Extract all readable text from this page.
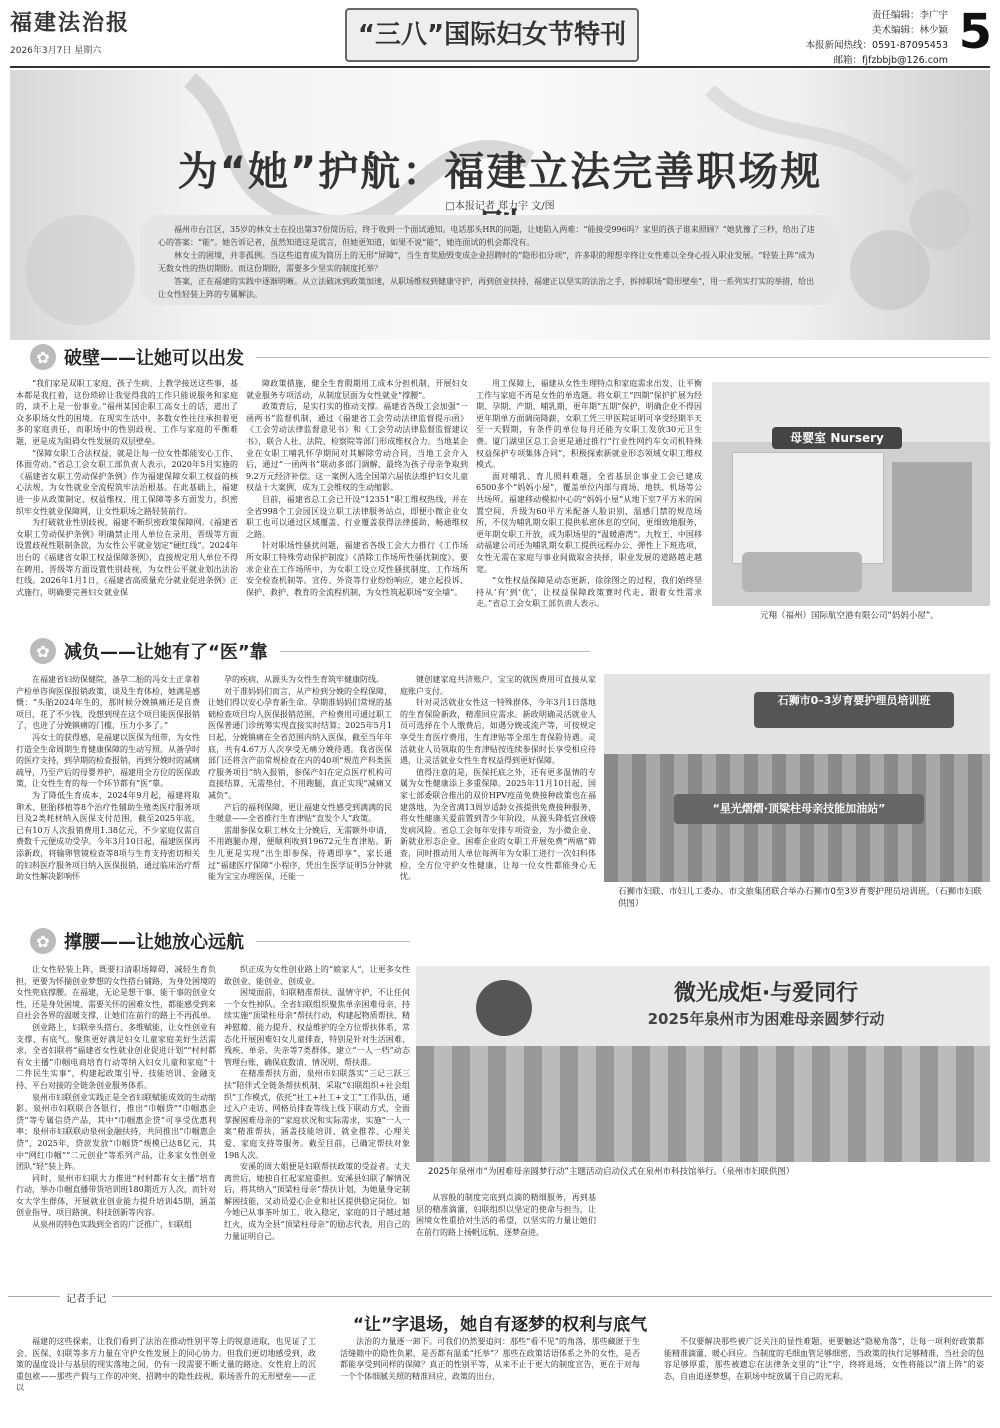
福建法治报
2026年3月7日 星期六
“三八”国际妇女节特刊
责任编辑：李广宇
美术编辑：林少颖
本报新闻热线：0591-87095453
邮箱：fjfzbbjb@126.com
5
为“她”护航：福建立法完善职场规
□本报记者 郑力宇 文/图

福州市台江区，35岁的林女士在投出第37份简历后，终于收到一个面试通知。电话那头HR的问题，让她陷入两难：“能接受996吗？家里的孩子谁来照顾？”她犹豫了三秒，给出了违心的答案：“能”。她告诉记者，虽然知道这是谎言，但她更知道，如果不说“能”，她连面试的机会都没有。

林女士的困境，并非孤例。当这些追育成为简历上的无形“屏障”，当生育奖励毁变成企业招聘时的“隐形扣分项”，许多职的理想辛终让女性难以全身心投入职业发展。“轻装上阵”成为无数女性的热切期盼。而这份期盼，需要多少坚实的制度托举？

答案，正在福建的实践中逐渐明晰。从立法破冰到政策加速，从职场维权到健康守护，再到创业扶持，福建正以坚实的法治之手，拆掉职场“隐形壁垒”，用一系列实打实的举措，给出让女性轻装上阵的专属解法。

✿ 破壁——让她可以出发

“我们家是双职工家庭，孩子生病、上教学接送这些事，基本都是我扛着，这份琐碎让我觉得我的工作只能说服务和家庭的，谈不上是一份事业。”福州某国企职工高女士的话，道出了众多职场女性的困境。在现实生活中，多数女性往往承担着更多的家庭责任，而职场中的性别歧视、工作与家庭的平衡难题，更是成为阻碍女性发展的双层壁垒。

“保障女职工合法权益，就是让每一位女性都能安心工作、体面劳动。”省总工会女职工部负责人表示，2020年5月实施的《福建省女职工劳动保护条例》作为福建保障女职工权益的核心法规，为女性就业全流程筑牢法治根基。在此基础上，福建进一步从政策制定、权益维权、用工保障等多方面发力，织密织牢女性就业保障网，让女性职场之路轻装前行。

为打破就业性别歧视，福建不断织密政策保障网。《福建省女职工劳动保护条例》明确禁止用人单位在录用、晋级等方面设置歧视性限制条款，为女性公平就业划定“硬红线”。2024年出台的《福建省女职工权益保障条例》，直接规定用人单位不得在聘用、晋级等方面设置性别歧视，为女性公平就业划出法治红线。2026年1月1日，《福建省高质量充分就业促进条例》正式施行，明确要完善妇女就业保

障政策措施，健全生育假期用工成本分担机制，开展妇女就业服务专项活动，从制度层面为女性就业“撑腰”。

政策背后，是实打实的推动支撑。福建省各级工会加强“一函两书”监督机制，通过《福建省工会劳动法律监督提示函》《工会劳动法律监督意见书》和《工会劳动法律监督监督建议书》，联合人社、法院、检察院等部门形成维权合力。当地某企业在女职工哺乳怀孕期间对其解除劳动合同，当地工会介入后，通过“一函两书”联动多部门调解，最终为孩子母亲争取到9.2万元经济补偿。这一案例入选全国第六届依法维护妇女儿童权益十大案例，成为工会维权的生动缩影。

目前，福建省总工会已开设“12351”职工维权热线，并在全省998个工会园区设立职工法律服务站点，即便小微企业女职工也可以通过区域覆盖、行业覆盖获得法律援助，畅通维权之路。

针对职场性骚扰问题，福建省各级工会大力推行《工作场所女职工特殊劳动保护制度》《消除工作场所性骚扰制度》，要求企业在工作场所中，为女职工设立反性骚扰制度、工作场所安全检查机制等。宣传、外资等行业纷纷响应，建立起投诉、保护、救护、教育的全流程机制，为女性筑起职场“安全墙”。

用工保障上，福建从女性生理特点和家庭需求出发，让平衡工作与家庭不再是女性的单选题。将女职工“四期”保护扩展为经期、孕期、产期、哺乳期，更年期“五期”保护，明确企业不得因更年期单方面调岗降薪，女职工凭三甲医院证明可享受经期半天至一天假期，有条件的单位每月还能为女职工发放30元卫生费。厦门湖里区总工会更是通过推行“行业性网约车女司机特殊权益保护专项集体合同”，积极探索新就业形态领域女职工维权模式。

面对哺乳、育儿照料难题，全省基层企事业工会已建成6500多个“妈妈小屋”，覆盖单位内部与商场、地铁、机场等公共场所。福建移动模拟中心的“妈妈小屋”从地下室7平方米的闲置空间，升级为60平方米配备人脸识别、温感门禁的规范场所，不仅为哺乳期女职工提供私密休息的空间，更细致地服务，更年期女职工开放，成为职场里的“温暖港湾”。九牧王、中国移动福建公司还为哺乳期女职工提供远程办公、弹性上下班选项，女性无需在家庭与事业间做取舍抉择，职业发展的道路越走越宽。

“女性权益保障是动态更新、徐徐图之的过程，我们始终坚持从‘有’到‘优’，让权益保障政策赛时代走、跟着女性需求走。”省总工会女职工部负责人表示。

母婴室 Nursery
元翔（福州）国际航空港有限公司“妈妈小屋”。
✿ 减负——让她有了“医”靠

在福建省妇幼保健院，备孕二胎的冯女士正拿着产检单咨询医保报销政策，谈及生育体检，她满是感慨：“头胎2024年生的，那时候分娩镇痛还是自费项目，花了不少钱，没想到现在这个项目能医保报销了，也进了分娩镇痛的门槛，压力小多了。”

冯女士的获得感，是福建以医保为纽带，为女性打造全生命周期生育健康保障的生动写照。从备孕时的医疗支持，到孕期的检查报销，再到分娩时的减痛疏导，乃至产后的母婴养护，福建用全方位的医保政策，让女性生育的每一个环节都有“医”靠。

为了降低生育成本，2024年9月起，福建将取卵术、胚胎移植等8个治疗性辅助生殖类医疗服务项目及2类耗材纳入医保支付范围，截至2025年底，已有10万人次报销费用1.38亿元，不少家庭仅需自费数千元便成功受孕。今年3月10日起，福建医保再添新政，将输卵管镜检查等8项与生育支持密切相关的妇科医疗服务项目纳入医保报销，通过临床治疗帮助女性解决影响怀

孕的疾病，从源头为女性生育筑牢健康防线。

对于准妈妈们而言，从产检到分娩的全程保障，让她们得以安心孕育新生命。孕期准妈妈们常规的基础检查项目均人医保报销范围，产检费用可通过职工医保普通门诊统筹实现直接实时结算；2025年5月1日起，分娩镇痛在全省范围内纳入医保，截至当年年底，共有4.67万人次享受无痛分娩待遇。我省医保部门还将含产前常规检查在内的40项“规范产科类医疗服务项目”纳入报销，参保产妇在定点医疗机构可直接结算，无需垫付，不用跑腿，真正实现“减痛又减负”。

产后的福利保障，更让福建女性感受到满满的民生暖意——全省推行生育津贴“直发个人”政策。

雷甜参保女职工林女士分娩后，无需额外申请，不用跑腿办理，便顺利收到19672元生育津贴。新生儿更是实现“出生即参保，待遇即享”，家长通过“福建医疗保障”小程序，凭出生医学证明5分钟就能为宝宝办理医保，还能一

键创建家庭共济账户，宝宝的就医费用可直接从家庭账户支付。

针对灵活就业女性这一特殊群体，今年3月1日落地的生育保险新政，精准回应需求。新政明确灵活就业人员可选择在个人缴费后，如遇分娩或流产等，可按规定享受生育医疗费用，生育津贴等全部生育保险待遇。灵活就业人员领取的生育津贴按连续参保时长享受相应待遇，让灵活就业女性生育权益得到更好保障。

值得注意的是，医保托底之外，还有更多温情的专属为女性健康添上多重保障。2025年11月10日起，国家七部委联合推出的双价HPV疫苗免费接种政策也在福建落地，为全省满13周岁适龄女孩提供免费接种服务，将女性健康关爱前置到青少年阶段，从源头降低宫颈癌发病风险。省总工会每年安排专项资金，为小微企业、新就业形态企业、困难企业的女职工开展免费“两癌”筛查，同时推动用人单位每两年为女职工进行一次妇科体检，全方位守护女性健康，让每一位女性都能身心无忧。

石狮市0–3岁育婴护理员培训班
“星光熠熠·顶梁柱母亲技能加油站”
石狮市妇联、市妇儿工委办、市文旅集团联合举办石狮市0至3岁育婴护理员培训班。（石狮市妇联供图）
✿ 撑腰——让她放心远航

让女性轻装上阵，既要扫清职场障碍，减轻生育负担，更要为怀揣创业梦想的女性搭台铺路，为身处困境的女性兜底撑腰。在福建，无论是想干事、能干事的创业女性，还是身处困境、需要关怀的困难女性，都能感受到来自社会各界的温暖支撑，让她们在前行的路上不再孤单。

创业路上，妇联牵头搭台、多维赋能，让女性创业有支撑、有底气。聚焦更好满足妇女儿童家庭美好生活需求，全省妇联将“福建省女性就业创业促进计划”“村村都有女主播”巾帼电商培育行动等纳入妇女儿童和家庭“十二件民生实事”，构建起政策引导、技能培训、金融支持、平台对接的全链条创业服务体系。

泉州市妇联创业实践正是全省妇联赋能成效的生动缩影。泉州市妇联联合各银行，推出“巾帼贷”“巾帼惠企贷”等专属信贷产品，其中“巾帼惠企贷”可享受优惠利率；泉州市妇联联动泉州金融扶持，共同推出“巾帼惠企贷”，2025年，贷款发放“巾帼贷”规模已达8亿元，其中“网红巾帼”“二元创业”等系列产品，让多家女性创业团队“轻”装上阵。

同时，泉州市妇联大力推进“村村都有女主播”培育行动，举办巾帼直播带货培训班180期近万人次，而针对女大学生群体，开展就业创业能力提升培训45期，涵盖创业指导、项目路演、科技创新等内容。

从泉州的特色实践到全省的广泛推广，妇联组

织正成为女性创业路上的“娘家人”，让更多女性敢创业、能创业、创成业。

困境面前，妇联精准帮扶、温情守护，不让任何一个女性掉队。全省妇联组织聚焦单亲困难母亲，持续实施“顶梁柱母亲”帮扶行动，构建起物质帮扶、精神慰藉、能力提升、权益维护的全方位帮扶体系，常态化开展困难妇女儿童排查，特别是针对生活困难、残疾、单亲、失亲等7类群体，建立“一人一档”动态管理台账，确保底数清、情况明、帮扶准。

在精准帮扶方面，泉州市妇联落实“三记三跃三扶”陪伴式全链条帮扶机制，采取“妇联组织+社会组织”工作模式，依托“社工+社工+文工”工作队伍，通过入户走访、网格员排查等线上线下联动方式，全面掌握困难母亲的“家庭状况和实际需求，实施“一人一案”精准帮扶，涵盖技能培训、就业推荐、心理关爱、家庭支持等服务。截至目前，已确定帮扶对象198人次。

安溪的周大姐便是妇联帮扶政策的受益者。丈夫离世后，她独自扛起家庭重担。安溪县妇联了解情况后，将其纳入“顶梁柱母亲”帮扶计划，为她量身定制解困技能，又动员爱心企业和社区提供稳定岗位。如今她已从事茶叶加工，收入稳定，家庭的日子越过越红火，成为全县“顶梁柱母亲”的励志代表，用自己的力量证明自己。

微光成炬·与爱同行
2025年泉州市为困难母亲圆梦行动
2025年泉州市“为困难母亲圆梦行动”主题活动启动仪式在泉州市科技馆举行。（泉州市妇联供图）

从容般的制度完底到点滴的精细服务，再到基层的精准滴灌，妇联组织以坚定的使命与担当，让困境女性重拾对生活的希望，以坚实的力量让她们在前行的路上扬帆远航、逐梦奋进。

记者手记
“让”字退场，她自有逐梦的权利与底气

福建的这些探索，让我们看到了法治在推动性别平等上的锐意进取，也见证了工会、医保、妇联等多方力量在守护女性发展上的同心协力。但我们更切地感受到，政策的温度设计与基层的现实落地之间，仍有一段需要不断丈量的路途。女性肩上的沉重包袱——那些产假与工作的冲突、招聘中的隐性歧视、职场晋升的无形壁垒——正以

法治的力量逐一卸下。可我们仍然要追问：那些“看不见”的角落，那些藏匿于生活缝隙中的隐性负累，是否都有温柔“托举”？那些在政策话语体系之外的女性，是否都能享受到同样的保障？真正的性别平等，从来不止于更大的制度宣告，更在于对每一个个体细腻关照的精准回应，政策的出台，

不仅要解决那些被广泛关注的显性难题，更要触达“隐秘角落”，让每一项利好政策都能精准滴灌、暖心回应。当制度的毛细血管足够细密，当政策的执行足够精准，当社会的包容足够厚重，那些被遗忘在法律条文里的“让”字，终将退场，女性将能以“清上阵”的姿态，自由追逐梦想，在职场中绽放属于自己的光彩。
